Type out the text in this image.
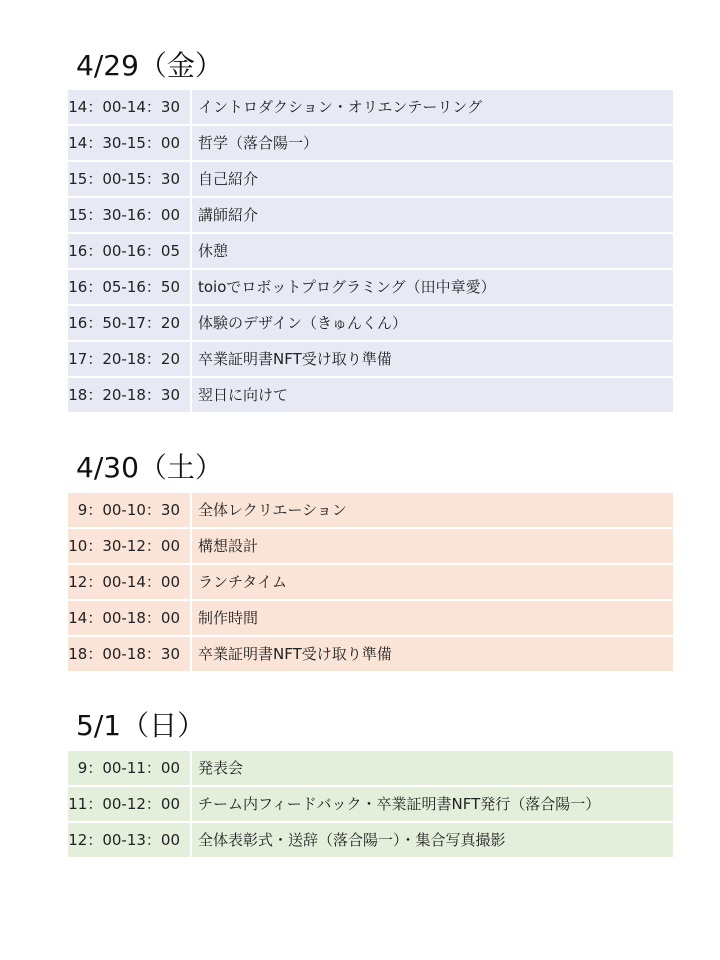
4/29（金）
14：00-14：30	イントロダクション・オリエンテーリング
14：30-15：00	哲学（落合陽一）
15：00-15：30	自己紹介
15：30-16：00	講師紹介
16：00-16：05	休憩
16：05-16：50	toioでロボットプログラミング（田中章愛）
16：50-17：20	体験のデザイン（きゅんくん）
17：20-18：20	卒業証明書NFT受け取り準備
18：20-18：30	翌日に向けて
4/30（土）
9：00-10：30	全体レクリエーション
10：30-12：00	構想設計
12：00-14：00	ランチタイム
14：00-18：00	制作時間
18：00-18：30	卒業証明書NFT受け取り準備
5/1（日）
9：00-11：00	発表会
11：00-12：00	チーム内フィードバック・卒業証明書NFT発行（落合陽一）
12：00-13：00	全体表彰式・送辞（落合陽一）・集合写真撮影
